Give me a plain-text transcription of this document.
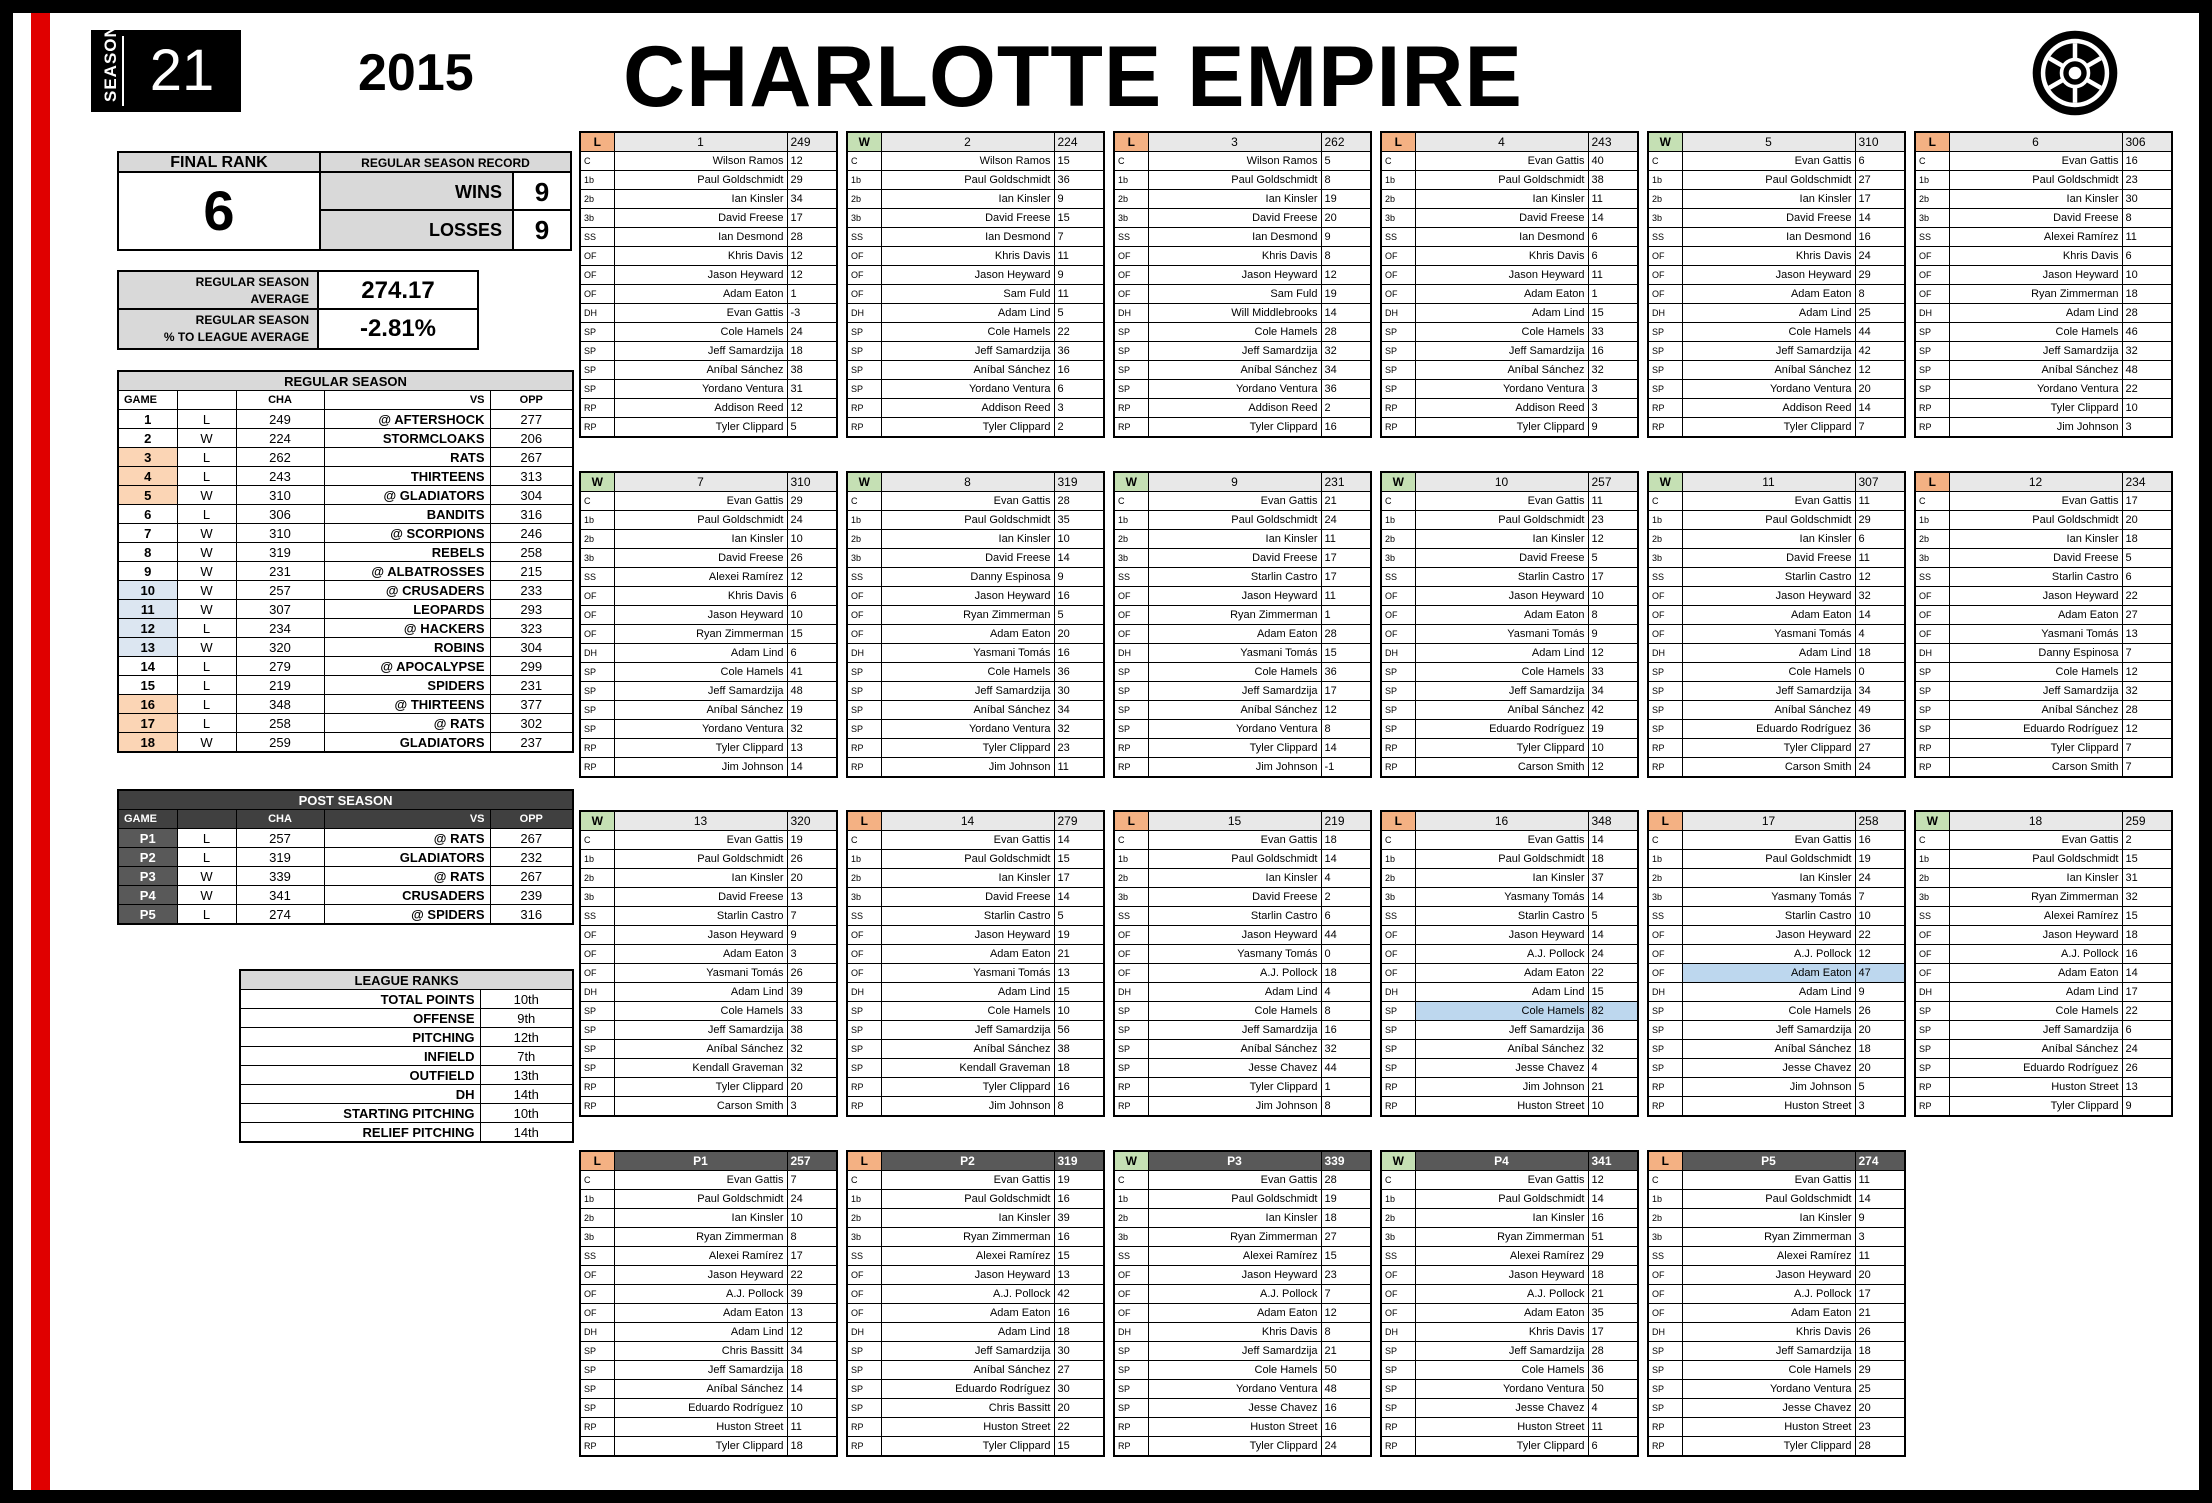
SEASON 21	2015	CHARLOTTE EMPIRE
FINAL RANK
6
REGULAR SEASON RECORD
WINS	9
LOSSES	9
REGULAR SEASON
AVERAGE	274.17
REGULAR SEASON
% TO LEAGUE AVERAGE	-2.81%
REGULAR SEASON				
GAME		CHA	VS	OPP
1	L	249	@ AFTERSHOCK	277
2	W	224	STORMCLOAKS	206
3	L	262	RATS	267
4	L	243	THIRTEENS	313
5	W	310	@ GLADIATORS	304
6	L	306	BANDITS	316
7	W	310	@ SCORPIONS	246
8	W	319	REBELS	258
9	W	231	@ ALBATROSSES	215
10	W	257	@ CRUSADERS	233
11	W	307	LEOPARDS	293
12	L	234	@ HACKERS	323
13	W	320	ROBINS	304
14	L	279	@ APOCALYPSE	299
15	L	219	SPIDERS	231
16	L	348	@ THIRTEENS	377
17	L	258	@ RATS	302
18	W	259	GLADIATORS	237
POST SEASON				
GAME		CHA	VS	OPP
P1	L	257	@ RATS	267
P2	L	319	GLADIATORS	232
P3	W	339	@ RATS	267
P4	W	341	CRUSADERS	239
P5	L	274	@ SPIDERS	316
LEAGUE RANKS	
TOTAL POINTS	10th
OFFENSE	9th
PITCHING	12th
INFIELD	7th
OUTFIELD	13th
DH	14th
STARTING PITCHING	10th
RELIEF PITCHING	14th
L	1	249
C	Wilson Ramos	12
1b	Paul Goldschmidt	29
2b	Ian Kinsler	34
3b	David Freese	17
SS	Ian Desmond	28
OF	Khris Davis	12
OF	Jason Heyward	12
OF	Adam Eaton	1
DH	Evan Gattis	-3
SP	Cole Hamels	24
SP	Jeff Samardzija	18
SP	Aníbal Sánchez	38
SP	Yordano Ventura	31
RP	Addison Reed	12
RP	Tyler Clippard	5
W	2	224
C	Wilson Ramos	15
1b	Paul Goldschmidt	36
2b	Ian Kinsler	9
3b	David Freese	15
SS	Ian Desmond	7
OF	Khris Davis	11
OF	Jason Heyward	9
OF	Sam Fuld	11
DH	Adam Lind	5
SP	Cole Hamels	22
SP	Jeff Samardzija	36
SP	Aníbal Sánchez	16
SP	Yordano Ventura	6
RP	Addison Reed	3
RP	Tyler Clippard	2
L	3	262
C	Wilson Ramos	5
1b	Paul Goldschmidt	8
2b	Ian Kinsler	19
3b	David Freese	20
SS	Ian Desmond	9
OF	Khris Davis	8
OF	Jason Heyward	12
OF	Sam Fuld	19
DH	Will Middlebrooks	14
SP	Cole Hamels	28
SP	Jeff Samardzija	32
SP	Aníbal Sánchez	34
SP	Yordano Ventura	36
RP	Addison Reed	2
RP	Tyler Clippard	16
L	4	243
C	Evan Gattis	40
1b	Paul Goldschmidt	38
2b	Ian Kinsler	11
3b	David Freese	14
SS	Ian Desmond	6
OF	Khris Davis	6
OF	Jason Heyward	11
OF	Adam Eaton	1
DH	Adam Lind	15
SP	Cole Hamels	33
SP	Jeff Samardzija	16
SP	Aníbal Sánchez	32
SP	Yordano Ventura	3
RP	Addison Reed	3
RP	Tyler Clippard	9
W	5	310
C	Evan Gattis	6
1b	Paul Goldschmidt	27
2b	Ian Kinsler	17
3b	David Freese	14
SS	Ian Desmond	16
OF	Khris Davis	24
OF	Jason Heyward	29
OF	Adam Eaton	8
DH	Adam Lind	25
SP	Cole Hamels	44
SP	Jeff Samardzija	42
SP	Aníbal Sánchez	12
SP	Yordano Ventura	20
RP	Addison Reed	14
RP	Tyler Clippard	7
L	6	306
C	Evan Gattis	16
1b	Paul Goldschmidt	23
2b	Ian Kinsler	30
3b	David Freese	8
SS	Alexei Ramírez	11
OF	Khris Davis	6
OF	Jason Heyward	10
OF	Ryan Zimmerman	18
DH	Adam Lind	28
SP	Cole Hamels	46
SP	Jeff Samardzija	32
SP	Aníbal Sánchez	48
SP	Yordano Ventura	22
RP	Tyler Clippard	10
RP	Jim Johnson	3
W	7	310
C	Evan Gattis	29
1b	Paul Goldschmidt	24
2b	Ian Kinsler	10
3b	David Freese	26
SS	Alexei Ramírez	12
OF	Khris Davis	6
OF	Jason Heyward	10
OF	Ryan Zimmerman	15
DH	Adam Lind	6
SP	Cole Hamels	41
SP	Jeff Samardzija	48
SP	Aníbal Sánchez	19
SP	Yordano Ventura	32
RP	Tyler Clippard	13
RP	Jim Johnson	14
W	8	319
C	Evan Gattis	28
1b	Paul Goldschmidt	35
2b	Ian Kinsler	10
3b	David Freese	14
SS	Danny Espinosa	9
OF	Jason Heyward	16
OF	Ryan Zimmerman	5
OF	Adam Eaton	20
DH	Yasmani Tomás	16
SP	Cole Hamels	36
SP	Jeff Samardzija	30
SP	Aníbal Sánchez	34
SP	Yordano Ventura	32
RP	Tyler Clippard	23
RP	Jim Johnson	11
W	9	231
C	Evan Gattis	21
1b	Paul Goldschmidt	24
2b	Ian Kinsler	11
3b	David Freese	17
SS	Starlin Castro	17
OF	Jason Heyward	11
OF	Ryan Zimmerman	1
OF	Adam Eaton	28
DH	Yasmani Tomás	15
SP	Cole Hamels	36
SP	Jeff Samardzija	17
SP	Aníbal Sánchez	12
SP	Yordano Ventura	8
RP	Tyler Clippard	14
RP	Jim Johnson	-1
W	10	257
C	Evan Gattis	11
1b	Paul Goldschmidt	23
2b	Ian Kinsler	12
3b	David Freese	5
SS	Starlin Castro	17
OF	Jason Heyward	10
OF	Adam Eaton	8
OF	Yasmani Tomás	9
DH	Adam Lind	12
SP	Cole Hamels	33
SP	Jeff Samardzija	34
SP	Aníbal Sánchez	42
SP	Eduardo Rodríguez	19
RP	Tyler Clippard	10
RP	Carson Smith	12
W	11	307
C	Evan Gattis	11
1b	Paul Goldschmidt	29
2b	Ian Kinsler	6
3b	David Freese	11
SS	Starlin Castro	12
OF	Jason Heyward	32
OF	Adam Eaton	14
OF	Yasmani Tomás	4
DH	Adam Lind	18
SP	Cole Hamels	0
SP	Jeff Samardzija	34
SP	Aníbal Sánchez	49
SP	Eduardo Rodríguez	36
RP	Tyler Clippard	27
RP	Carson Smith	24
L	12	234
C	Evan Gattis	17
1b	Paul Goldschmidt	20
2b	Ian Kinsler	18
3b	David Freese	5
SS	Starlin Castro	6
OF	Jason Heyward	22
OF	Adam Eaton	27
OF	Yasmani Tomás	13
DH	Danny Espinosa	7
SP	Cole Hamels	12
SP	Jeff Samardzija	32
SP	Aníbal Sánchez	28
SP	Eduardo Rodríguez	12
RP	Tyler Clippard	7
RP	Carson Smith	7
W	13	320
C	Evan Gattis	19
1b	Paul Goldschmidt	26
2b	Ian Kinsler	20
3b	David Freese	13
SS	Starlin Castro	7
OF	Jason Heyward	9
OF	Adam Eaton	3
OF	Yasmani Tomás	26
DH	Adam Lind	39
SP	Cole Hamels	33
SP	Jeff Samardzija	38
SP	Aníbal Sánchez	32
SP	Kendall Graveman	32
RP	Tyler Clippard	20
RP	Carson Smith	3
L	14	279
C	Evan Gattis	14
1b	Paul Goldschmidt	15
2b	Ian Kinsler	17
3b	David Freese	14
SS	Starlin Castro	5
OF	Jason Heyward	19
OF	Adam Eaton	21
OF	Yasmani Tomás	13
DH	Adam Lind	15
SP	Cole Hamels	10
SP	Jeff Samardzija	56
SP	Aníbal Sánchez	38
SP	Kendall Graveman	18
RP	Tyler Clippard	16
RP	Jim Johnson	8
L	15	219
C	Evan Gattis	18
1b	Paul Goldschmidt	14
2b	Ian Kinsler	4
3b	David Freese	2
SS	Starlin Castro	6
OF	Jason Heyward	44
OF	Yasmany Tomás	0
OF	A.J. Pollock	18
DH	Adam Lind	4
SP	Cole Hamels	8
SP	Jeff Samardzija	16
SP	Aníbal Sánchez	32
SP	Jesse Chavez	44
RP	Tyler Clippard	1
RP	Jim Johnson	8
L	16	348
C	Evan Gattis	14
1b	Paul Goldschmidt	18
2b	Ian Kinsler	37
3b	Yasmany Tomás	14
SS	Starlin Castro	5
OF	Jason Heyward	14
OF	A.J. Pollock	24
OF	Adam Eaton	22
DH	Adam Lind	15
SP	Cole Hamels	82
SP	Jeff Samardzija	36
SP	Aníbal Sánchez	32
SP	Jesse Chavez	4
RP	Jim Johnson	21
RP	Huston Street	10
L	17	258
C	Evan Gattis	16
1b	Paul Goldschmidt	19
2b	Ian Kinsler	24
3b	Yasmany Tomás	7
SS	Starlin Castro	10
OF	Jason Heyward	22
OF	A.J. Pollock	12
OF	Adam Eaton	47
DH	Adam Lind	9
SP	Cole Hamels	26
SP	Jeff Samardzija	20
SP	Aníbal Sánchez	18
SP	Jesse Chavez	20
RP	Jim Johnson	5
RP	Huston Street	3
W	18	259
C	Evan Gattis	2
1b	Paul Goldschmidt	15
2b	Ian Kinsler	31
3b	Ryan Zimmerman	32
SS	Alexei Ramírez	15
OF	Jason Heyward	18
OF	A.J. Pollock	16
OF	Adam Eaton	14
DH	Adam Lind	17
SP	Cole Hamels	22
SP	Jeff Samardzija	6
SP	Aníbal Sánchez	24
SP	Eduardo Rodríguez	26
RP	Huston Street	13
RP	Tyler Clippard	9
L	P1	257
C	Evan Gattis	7
1b	Paul Goldschmidt	24
2b	Ian Kinsler	10
3b	Ryan Zimmerman	8
SS	Alexei Ramírez	17
OF	Jason Heyward	22
OF	A.J. Pollock	39
OF	Adam Eaton	13
DH	Adam Lind	12
SP	Chris Bassitt	34
SP	Jeff Samardzija	18
SP	Aníbal Sánchez	14
SP	Eduardo Rodríguez	10
RP	Huston Street	11
RP	Tyler Clippard	18
L	P2	319
C	Evan Gattis	19
1b	Paul Goldschmidt	16
2b	Ian Kinsler	39
3b	Ryan Zimmerman	16
SS	Alexei Ramírez	15
OF	Jason Heyward	13
OF	A.J. Pollock	42
OF	Adam Eaton	16
DH	Adam Lind	18
SP	Jeff Samardzija	30
SP	Aníbal Sánchez	27
SP	Eduardo Rodríguez	30
SP	Chris Bassitt	20
RP	Huston Street	22
RP	Tyler Clippard	15
W	P3	339
C	Evan Gattis	28
1b	Paul Goldschmidt	19
2b	Ian Kinsler	18
3b	Ryan Zimmerman	27
SS	Alexei Ramírez	15
OF	Jason Heyward	23
OF	A.J. Pollock	7
OF	Adam Eaton	12
DH	Khris Davis	8
SP	Jeff Samardzija	21
SP	Cole Hamels	50
SP	Yordano Ventura	48
SP	Jesse Chavez	16
RP	Huston Street	16
RP	Tyler Clippard	24
W	P4	341
C	Evan Gattis	12
1b	Paul Goldschmidt	14
2b	Ian Kinsler	16
3b	Ryan Zimmerman	51
SS	Alexei Ramírez	29
OF	Jason Heyward	18
OF	A.J. Pollock	21
OF	Adam Eaton	35
DH	Khris Davis	17
SP	Jeff Samardzija	28
SP	Cole Hamels	36
SP	Yordano Ventura	50
SP	Jesse Chavez	4
RP	Huston Street	11
RP	Tyler Clippard	6
L	P5	274
C	Evan Gattis	11
1b	Paul Goldschmidt	14
2b	Ian Kinsler	9
3b	Ryan Zimmerman	3
SS	Alexei Ramírez	11
OF	Jason Heyward	20
OF	A.J. Pollock	17
OF	Adam Eaton	21
DH	Khris Davis	26
SP	Jeff Samardzija	18
SP	Cole Hamels	29
SP	Yordano Ventura	25
SP	Jesse Chavez	20
RP	Huston Street	23
RP	Tyler Clippard	28
